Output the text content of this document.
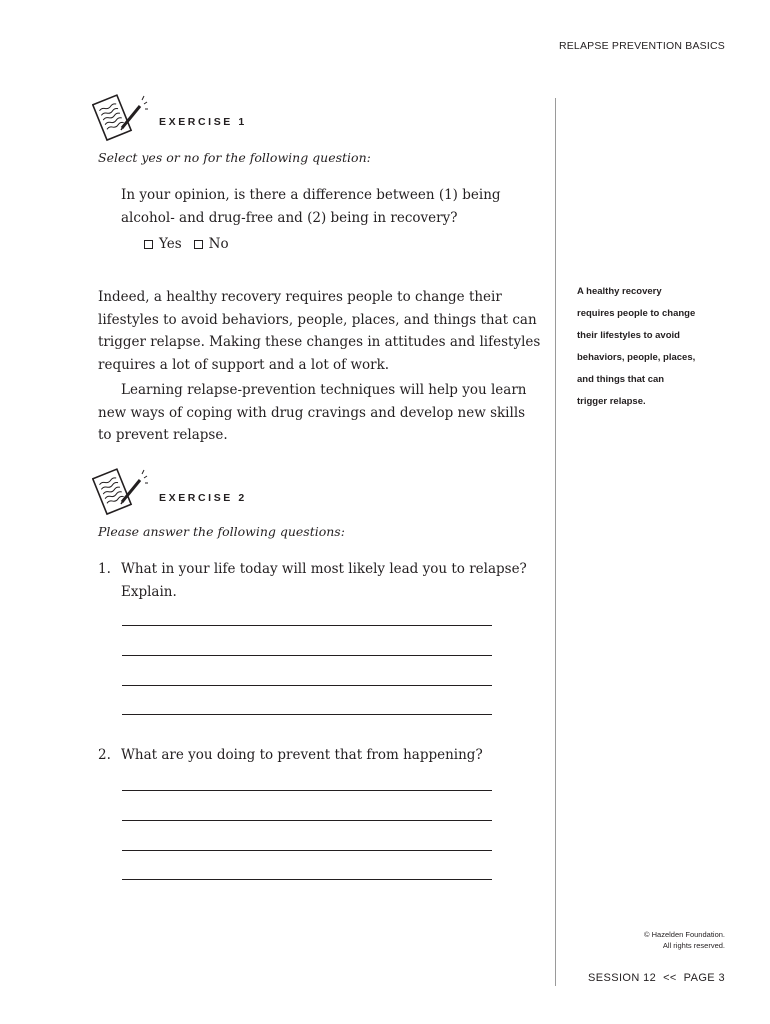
RELAPSE PREVENTION BASICS
EXERCISE 1
Select yes or no for the following question:
In your opinion, is there a difference between (1) being
alcohol- and drug-free and (2) being in recovery?
Yes No
Indeed, a healthy recovery requires people to change their
lifestyles to avoid behaviors, people, places, and things that can
trigger relapse. Making these changes in attitudes and lifestyles
requires a lot of support and a lot of work.
Learning relapse-prevention techniques will help you learn
new ways of coping with drug cravings and develop new skills
to prevent relapse.
A healthy recovery
requires people to change
their lifestyles to avoid
behaviors, people, places,
and things that can
trigger relapse.
EXERCISE 2
Please answer the following questions:
1. What in your life today will most likely lead you to relapse?
Explain.
2. What are you doing to prevent that from happening?
© Hazelden Foundation.
All rights reserved.
SESSION 12  <<  PAGE 3
